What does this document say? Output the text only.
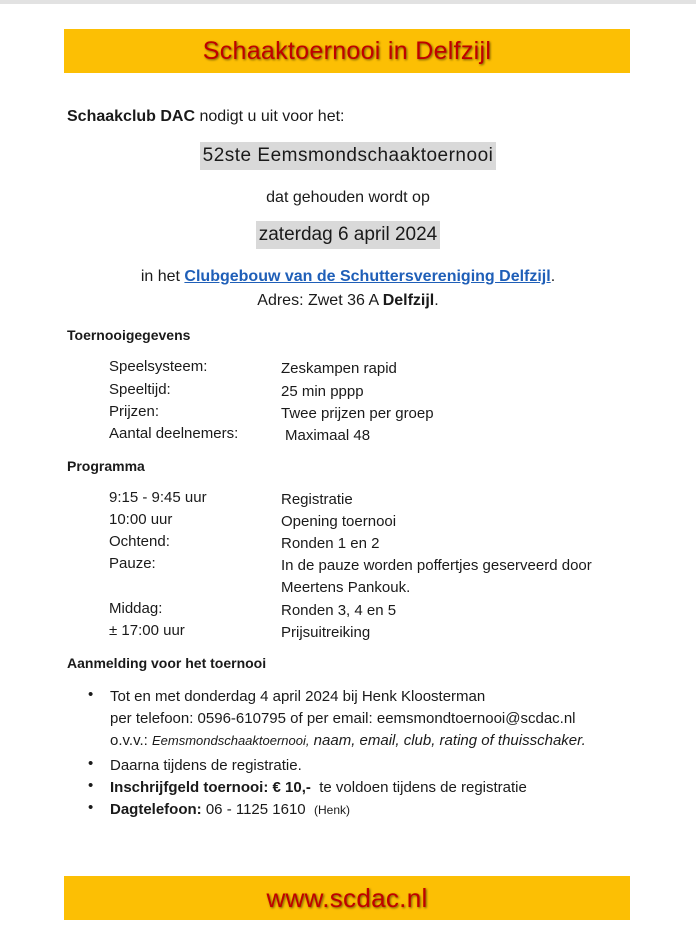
Schaaktoernooi in Delfzijl
Schaakclub DAC nodigt u uit voor het:
52ste Eemsmondschaaktoernooi
dat gehouden wordt op
zaterdag 6 april 2024
in het Clubgebouw van de Schuttersvereniging Delfzijl.
Adres: Zwet 36 A Delfzijl.
Toernooigegevens
Speelsysteem:	Zeskampen rapid
Speeltijd:	25 min pppp
Prijzen:	Twee prijzen per groep
Aantal deelnemers:	Maximaal 48
Programma
9:15 - 9:45 uur	Registratie
10:00 uur	Opening toernooi
Ochtend:	Ronden 1 en 2
Pauze:	In de pauze worden poffertjes geserveerd door
Meertens Pankouk.
Middag:	Ronden 3, 4 en 5
± 17:00 uur	Prijsuitreiking
Aanmelding voor het toernooi
• Tot en met donderdag 4 april 2024 bij Henk Kloosterman
per telefoon: 0596-610795 of per email: eemsmondtoernooi@scdac.nl
o.v.v.: Eemsmondschaaktoernooi, naam, email, club, rating of thuisschaker.
• Daarna tijdens de registratie.
• Inschrijfgeld toernooi: € 10,- te voldoen tijdens de registratie
• Dagtelefoon: 06 - 1125 1610 (Henk)
www.scdac.nl
